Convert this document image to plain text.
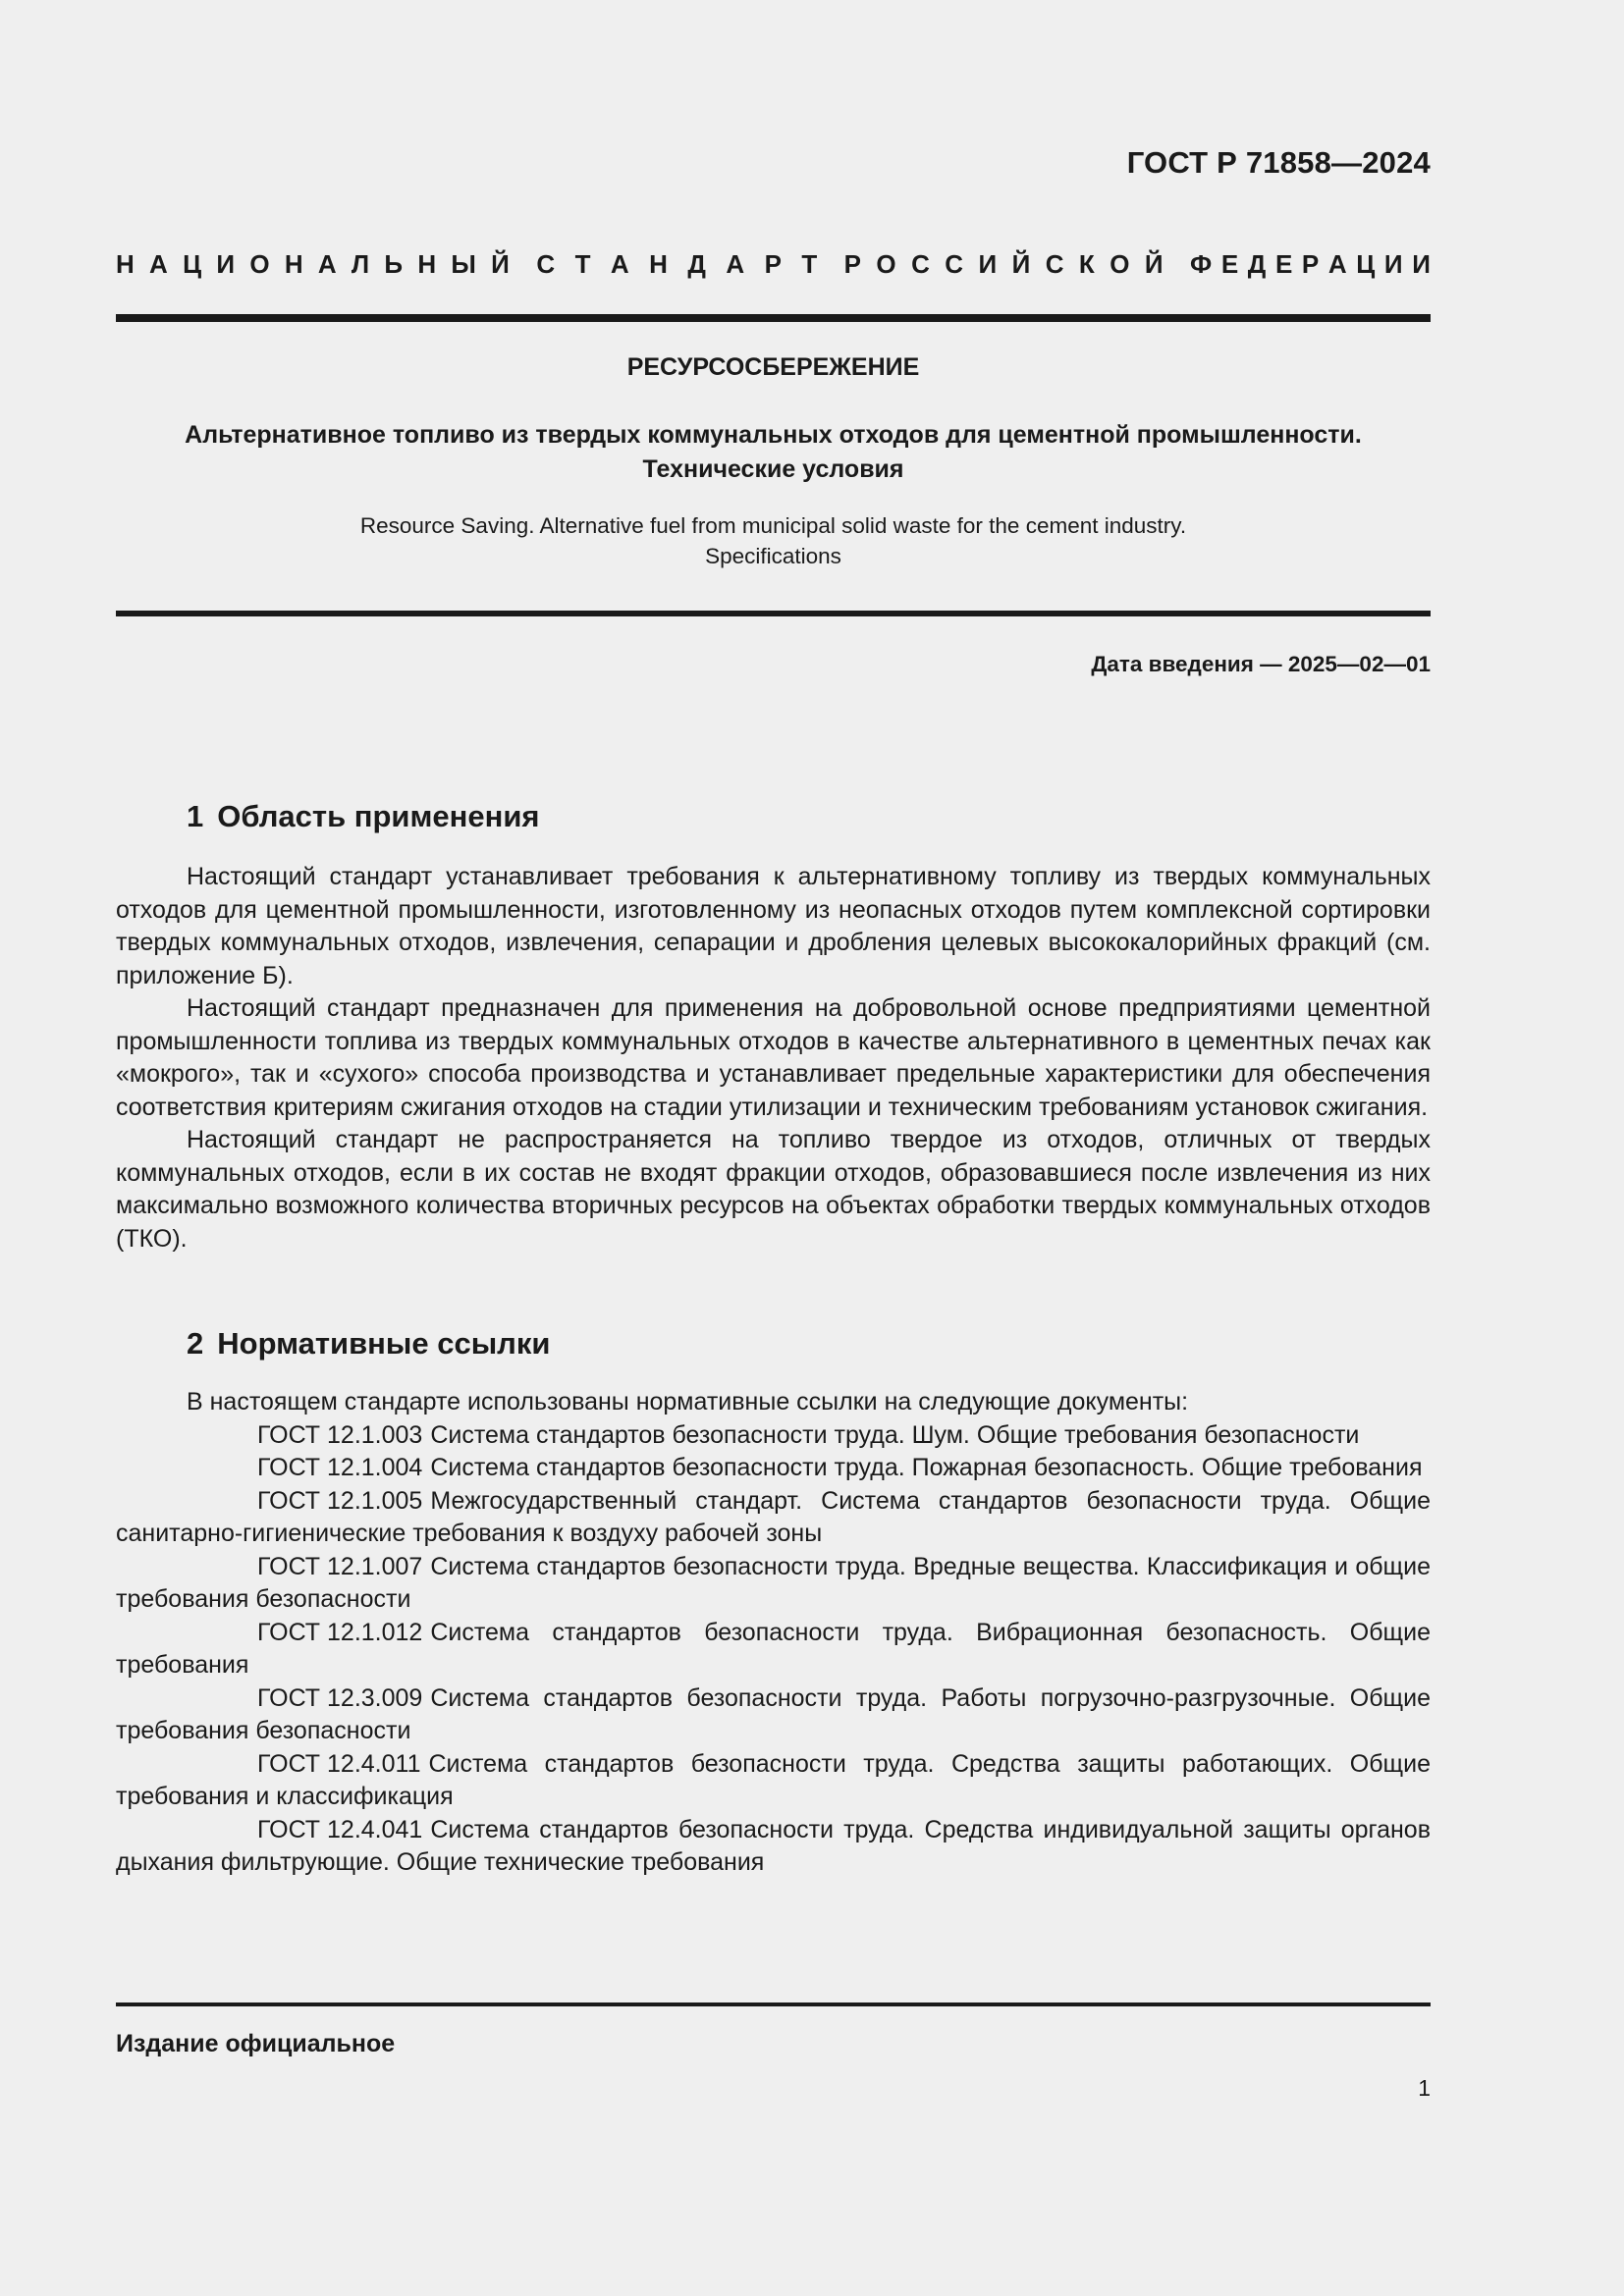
ГОСТ Р 71858—2024
Н А Ц И О Н А Л Ь Н Ы Й С Т А Н Д А Р Т Р О С С И Й С К О Й Ф Е Д Е Р А Ц И И
РЕСУРСОСБЕРЕЖЕНИЕ
Альтернативное топливо из твердых коммунальных отходов для цементной промышленности.
Технические условия
Resource Saving. Alternative fuel from municipal solid waste for the cement industry.
Specifications
Дата введения — 2025—02—01
1 Область применения

Настоящий стандарт устанавливает требования к альтернативному топливу из твердых коммунальных отходов для цементной промышленности, изготовленному из неопасных отходов путем комплексной сортировки твердых коммунальных отходов, извлечения, сепарации и дробления целевых высококалорийных фракций (см. приложение Б).

Настоящий стандарт предназначен для применения на добровольной основе предприятиями цементной промышленности топлива из твердых коммунальных отходов в качестве альтернативного в цементных печах как «мокрого», так и «сухого» способа производства и устанавливает предельные характеристики для обеспечения соответствия критериям сжигания отходов на стадии утилизации и техническим требованиям установок сжигания.

Настоящий стандарт не распространяется на топливо твердое из отходов, отличных от твердых коммунальных отходов, если в их состав не входят фракции отходов, образовавшиеся после извлечения из них максимально возможного количества вторичных ресурсов на объектах обработки твердых коммунальных отходов (ТКО).

2 Нормативные ссылки

В настоящем стандарте использованы нормативные ссылки на следующие документы:

ГОСТ 12.1.003 Система стандартов безопасности труда. Шум. Общие требования безопасности

ГОСТ 12.1.004 Система стандартов безопасности труда. Пожарная безопасность. Общие требования

ГОСТ 12.1.005 Межгосударственный стандарт. Система стандартов безопасности труда. Общие санитарно-гигиенические требования к воздуху рабочей зоны

ГОСТ 12.1.007 Система стандартов безопасности труда. Вредные вещества. Классификация и общие требования безопасности

ГОСТ 12.1.012 Система стандартов безопасности труда. Вибрационная безопасность. Общие требования

ГОСТ 12.3.009 Система стандартов безопасности труда. Работы погрузочно-разгрузочные. Общие требования безопасности

ГОСТ 12.4.011 Система стандартов безопасности труда. Средства защиты работающих. Общие требования и классификация

ГОСТ 12.4.041 Система стандартов безопасности труда. Средства индивидуальной защиты органов дыхания фильтрующие. Общие технические требования

Издание официальное
1
